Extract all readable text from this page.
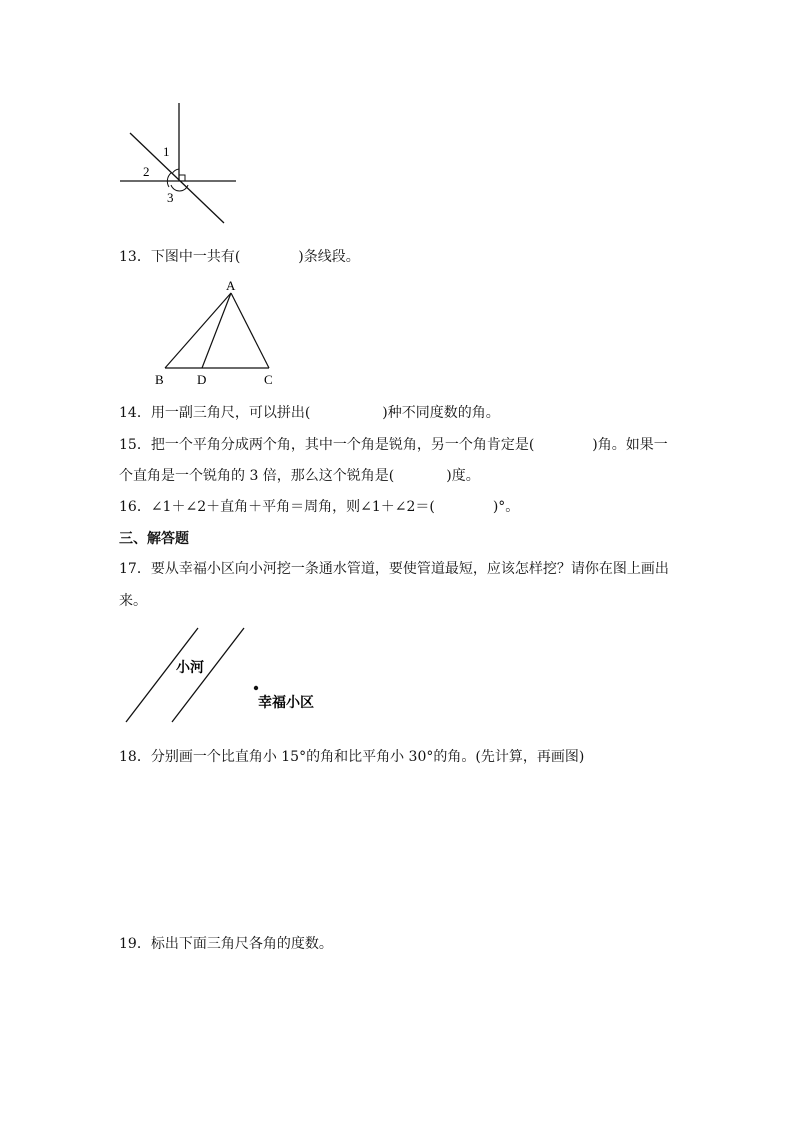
1
2
3
13．下图中一共有(	)条线段。
A
B	D	C
14．用一副三角尺，可以拼出(	)种不同度数的角。
15．把一个平角分成两个角，其中一个角是锐角，另一个角肯定是(	)角。如果一
个直角是一个锐角的 3 倍，那么这个锐角是(	)度。
16．∠1＋∠2＋直角＋平角＝周角，则∠1＋∠2＝(	)°。
三、解答题
17．要从幸福小区向小河挖一条通水管道，要使管道最短，应该怎样挖？请你在图上画出
来。
小河
幸福小区
18．分别画一个比直角小 15°的角和比平角小 30°的角。(先计算，再画图)
19．标出下面三角尺各角的度数。
